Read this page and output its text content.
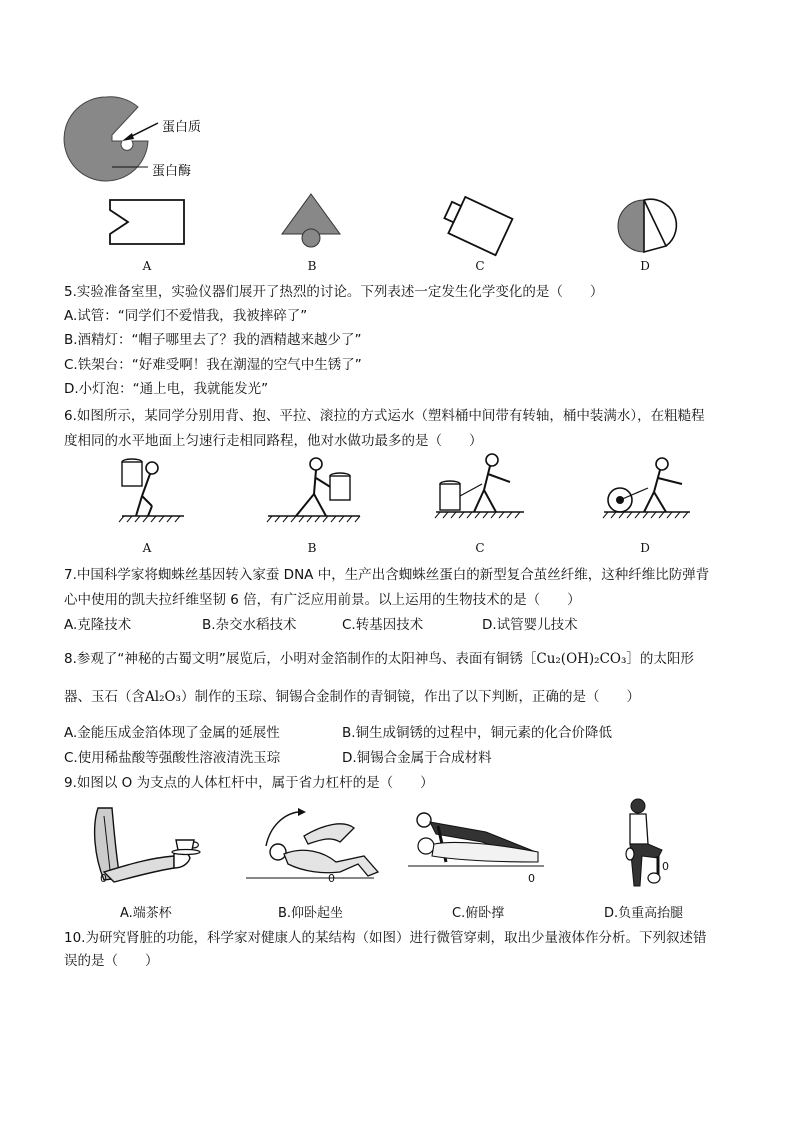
蛋白质
蛋白酶
A	B	C	D
5.实验准备室里，实验仪器们展开了热烈的讨论。下列表述一定发生化学变化的是（　　）
A.试管：“同学们不爱惜我，我被摔碎了”
B.酒精灯：“帽子哪里去了？我的酒精越来越少了”
C.铁架台：“好难受啊！我在潮湿的空气中生锈了”
D.小灯泡：“通上电，我就能发光”
6.如图所示，某同学分别用背、抱、平拉、滚拉的方式运水（塑料桶中间带有转轴，桶中装满水），在粗糙程
度相同的水平地面上匀速行走相同路程，他对水做功最多的是（　　）
A	B	C	D
7.中国科学家将蜘蛛丝基因转入家蚕 DNA 中，生产出含蜘蛛丝蛋白的新型复合茧丝纤维，这种纤维比防弹背
心中使用的凯夫拉纤维坚韧 6 倍，有广泛应用前景。以上运用的生物技术的是（　　）
A.克隆技术	B.杂交水稻技术	C.转基因技术	D.试管婴儿技术
8.参观了“神秘的古蜀文明”展览后，小明对金箔制作的太阳神鸟、表面有铜锈［Cu₂(OH)₂CO₃］的太阳形
器、玉石（含Al₂O₃）制作的玉琮、铜锡合金制作的青铜镜，作出了以下判断，正确的是（　　）
A.金能压成金箔体现了金属的延展性	B.铜生成铜锈的过程中，铜元素的化合价降低
C.使用稀盐酸等强酸性溶液清洗玉琮	D.铜锡合金属于合成材料
9.如图以 O 为支点的人体杠杆中，属于省力杠杆的是（　　）
0	0	0
0
A.端茶杯	B.仰卧起坐	C.俯卧撑	D.负重高抬腿
10.为研究肾脏的功能，科学家对健康人的某结构（如图）进行微管穿刺，取出少量液体作分析。下列叙述错
误的是（　　）
